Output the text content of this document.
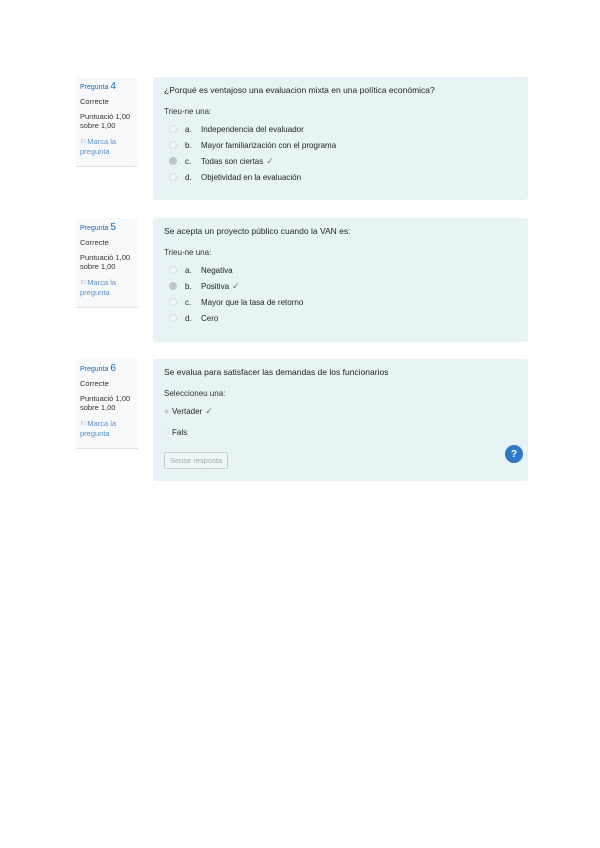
Pregunta 4
Correcte
Puntuació 1,00 sobre 1,00
⚐Marca la pregunta
¿Porqué es ventajoso una evaluacion mixta en una política económica?
Trieu-ne una:
a.	Independencia del evaluador
b.	Mayor familiarización con el programa
c.	Todas son ciertas ✓
d.	Objetividad en la evaluación
Pregunta 5
Correcte
Puntuació 1,00 sobre 1,00
⚐Marca la pregunta
Se acepta un proyecto público cuando la VAN es:
Trieu-ne una:
a.	Negativa
b.	Positiva ✓
c.	Mayor que la tasa de retorno
d.	Cero
Pregunta 6
Correcte
Puntuació 1,00 sobre 1,00
⚐Marca la pregunta
Se evalua para satisfacer las demandas de los funcionarios
Seleccioneu una:
Vertader ✓
Fals
Sense resposta
?
